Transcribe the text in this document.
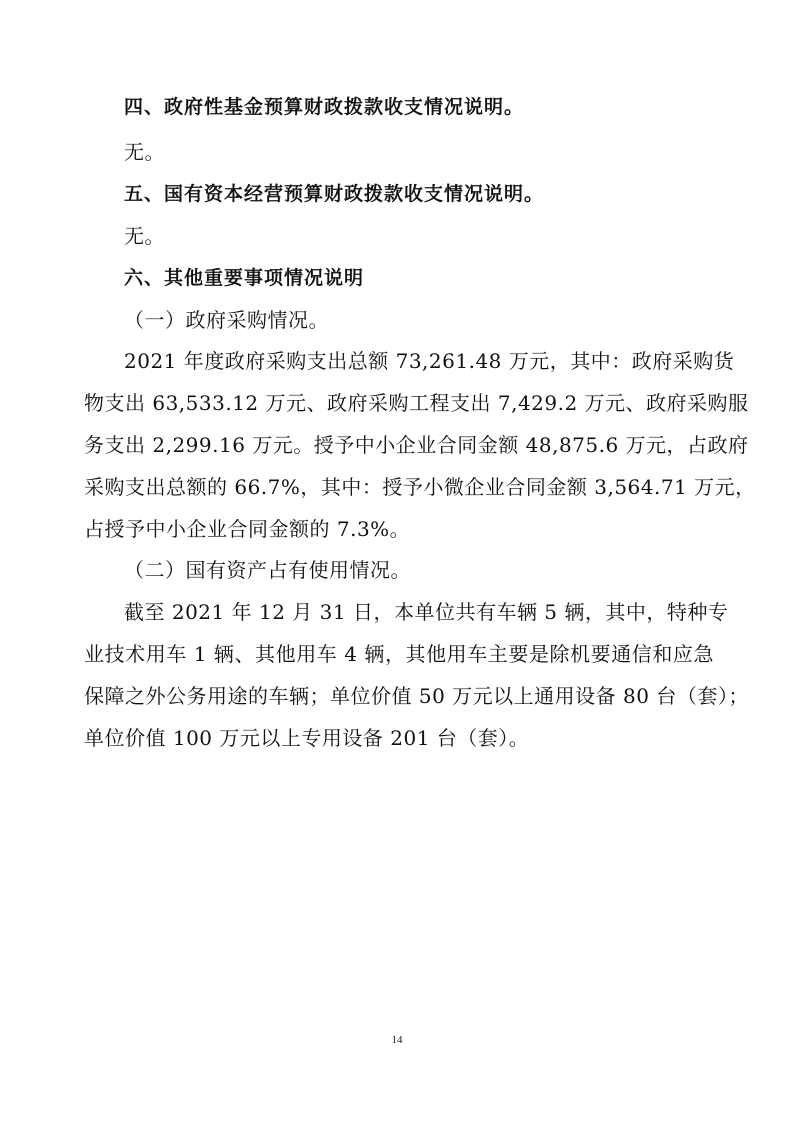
四、政府性基金预算财政拨款收支情况说明。
无。
五、国有资本经营预算财政拨款收支情况说明。
无。
六、其他重要事项情况说明
（一）政府采购情况。
2021 年度政府采购支出总额 73,261.48 万元，其中：政府采购货
物支出 63,533.12 万元、政府采购工程支出 7,429.2 万元、政府采购服
务支出 2,299.16 万元。授予中小企业合同金额 48,875.6 万元，占政府
采购支出总额的 66.7%，其中：授予小微企业合同金额 3,564.71 万元，
占授予中小企业合同金额的 7.3%。
（二）国有资产占有使用情况。
截至 2021 年 12 月 31 日，本单位共有车辆 5 辆，其中，特种专
业技术用车 1 辆、其他用车 4 辆，其他用车主要是除机要通信和应急
保障之外公务用途的车辆；单位价值 50 万元以上通用设备 80 台（套）；
单位价值 100 万元以上专用设备 201 台（套）。
14
